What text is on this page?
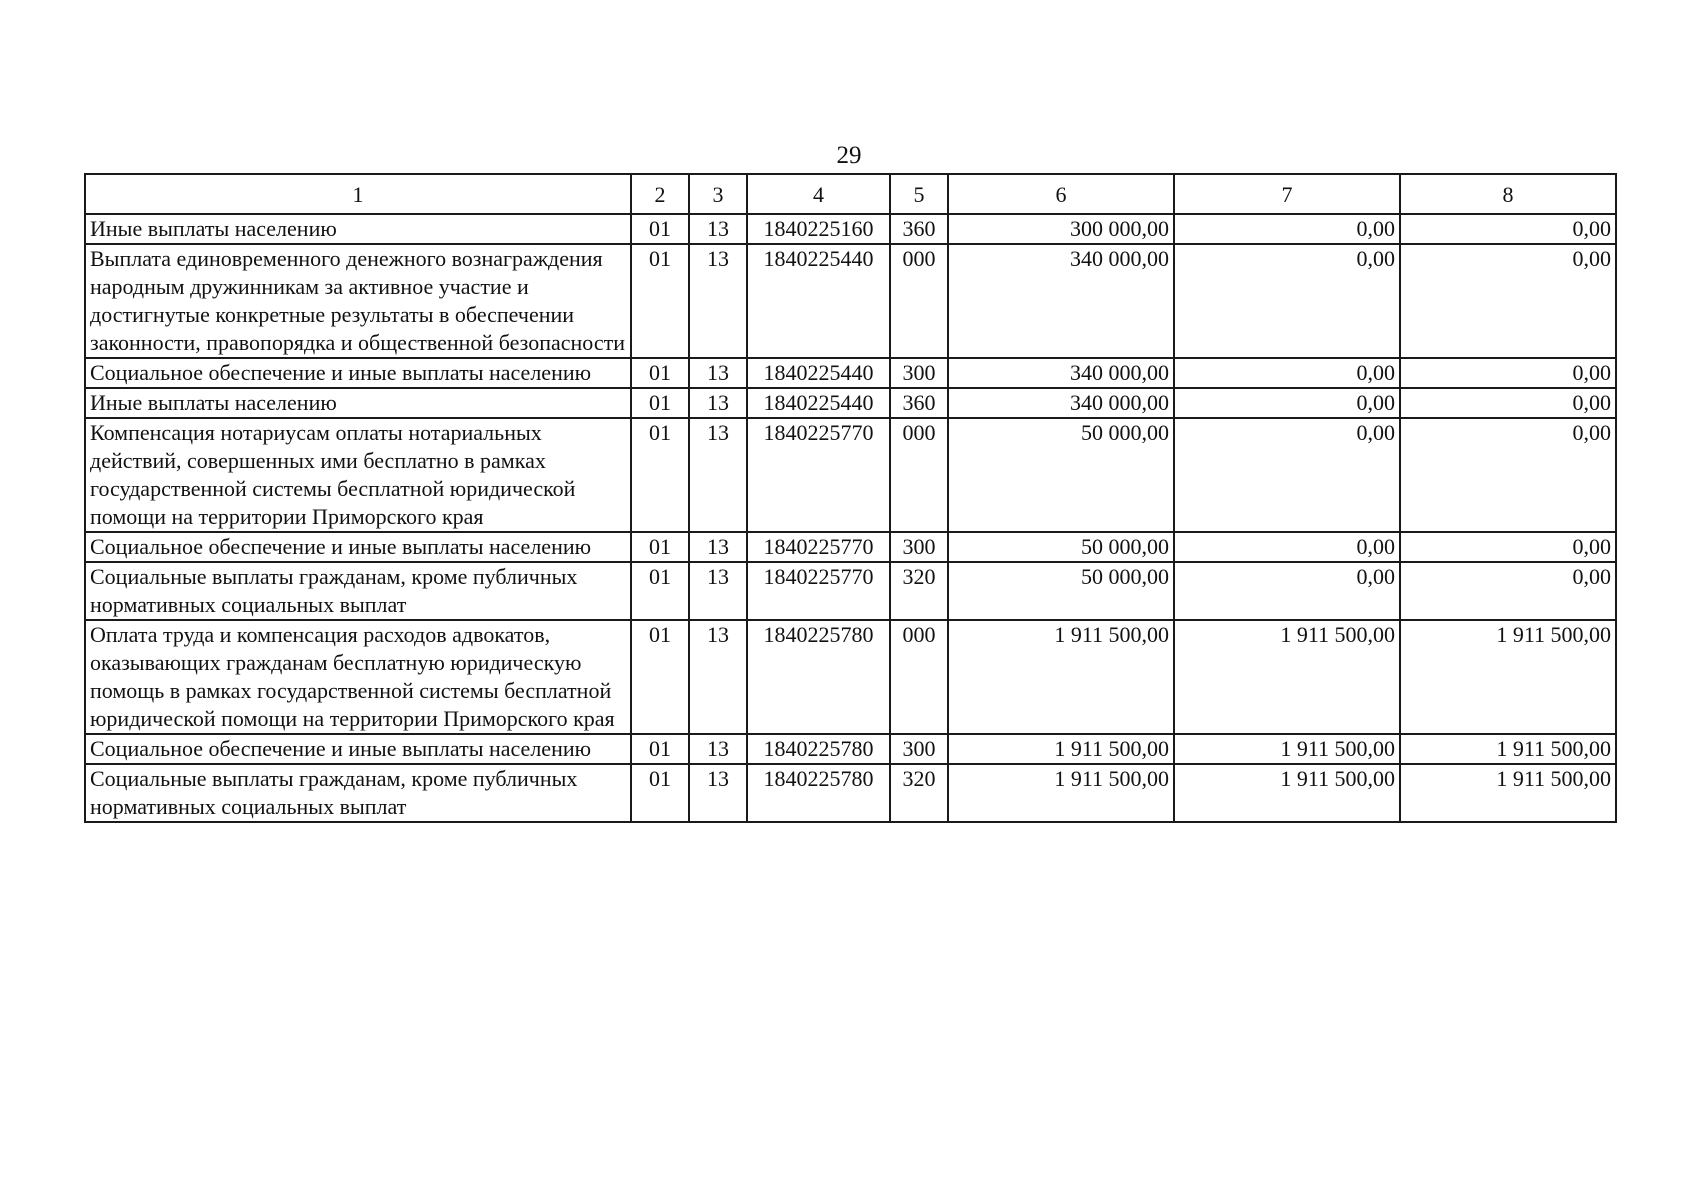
29
1	2	3	4	5	6	7	8
Иные выплаты населению	01	13	1840225160	360	300 000,00	0,00	0,00
Выплата единовременного денежного вознаграждения народным дружинникам за активное участие и достигнутые конкретные результаты в обеспечении законности, правопорядка и общественной безопасности	01	13	1840225440	000	340 000,00	0,00	0,00
Социальное обеспечение и иные выплаты населению	01	13	1840225440	300	340 000,00	0,00	0,00
Иные выплаты населению	01	13	1840225440	360	340 000,00	0,00	0,00
Компенсация нотариусам оплаты нотариальных действий, совершенных ими бесплатно в рамках государственной системы бесплатной юридической помощи на территории Приморского края	01	13	1840225770	000	50 000,00	0,00	0,00
Социальное обеспечение и иные выплаты населению	01	13	1840225770	300	50 000,00	0,00	0,00
Социальные выплаты гражданам, кроме публичных нормативных социальных выплат	01	13	1840225770	320	50 000,00	0,00	0,00
Оплата труда и компенсация расходов адвокатов, оказывающих гражданам бесплатную юридическую помощь в рамках государственной системы бесплатной юридической помощи на территории Приморского края	01	13	1840225780	000	1 911 500,00	1 911 500,00	1 911 500,00
Социальное обеспечение и иные выплаты населению	01	13	1840225780	300	1 911 500,00	1 911 500,00	1 911 500,00
Социальные выплаты гражданам, кроме публичных нормативных социальных выплат	01	13	1840225780	320	1 911 500,00	1 911 500,00	1 911 500,00
